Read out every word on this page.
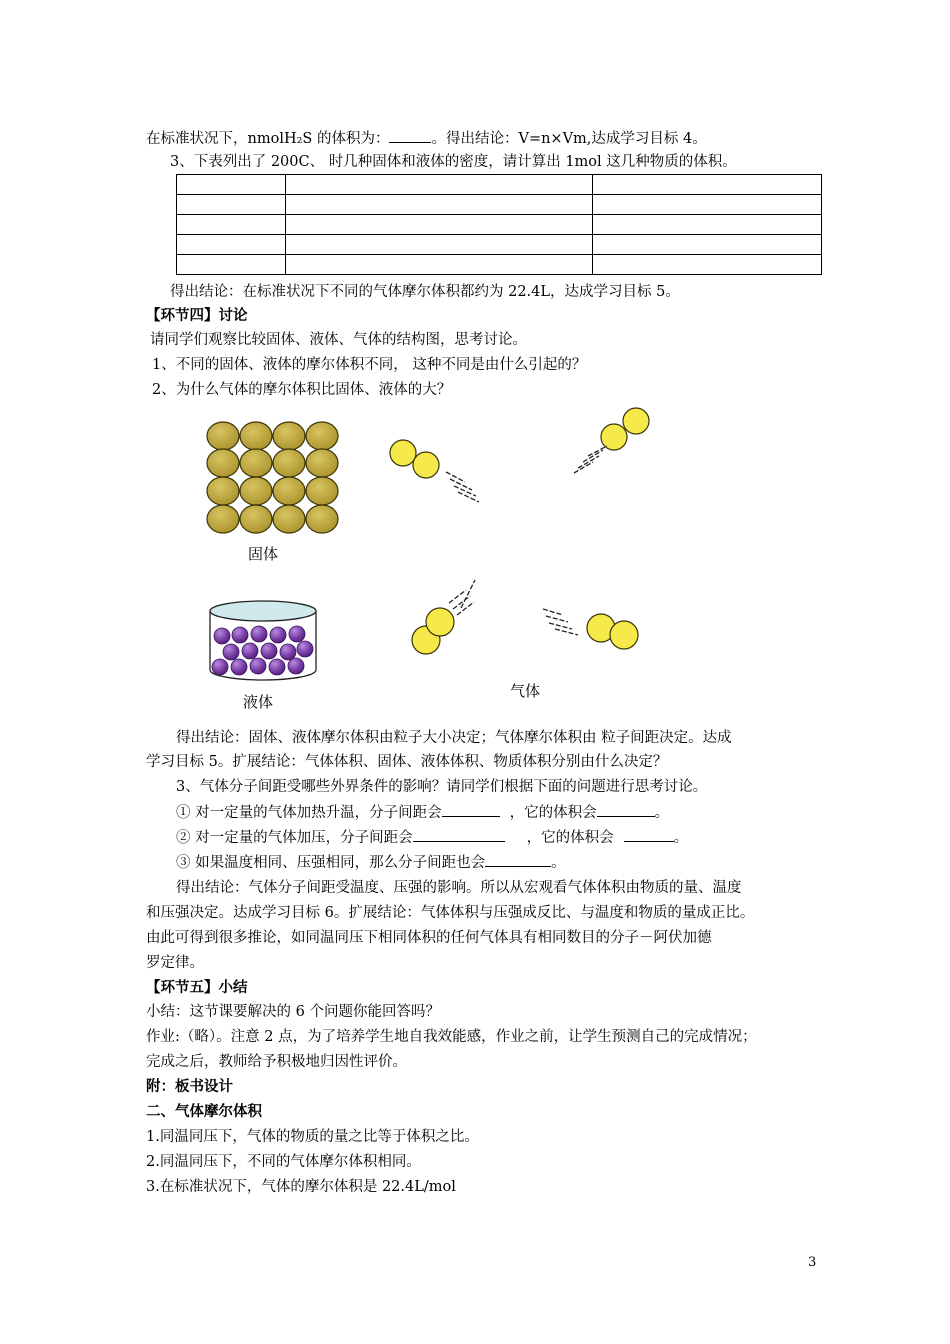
在标准状况下，nmolH₂S 的体积为：	。得出结论：V=n×Vm,达成学习目标 4。
3、下表列出了 200C、 时几种固体和液体的密度，请计算出 1mol 这几种物质的体积。

得出结论：在标准状况下不同的气体摩尔体积都约为 22.4L，达成学习目标 5。
【环节四】讨论
请同学们观察比较固体、液体、气体的结构图，思考讨论。
1、不同的固体、液体的摩尔体积不同， 这种不同是由什么引起的？
2、为什么气体的摩尔体积比固体、液体的大？
固体
液体
气体
得出结论：固体、液体摩尔体积由粒子大小决定；气体摩尔体积由 粒子间距决定。达成
学习目标 5。扩展结论：气体体积、固体、液体体积、物质体积分别由什么决定？
3、气体分子间距受哪些外界条件的影响？请同学们根据下面的问题进行思考讨论。
① 对一定量的气体加热升温，分子间距会	，它的体积会	。
② 对一定量的气体加压，分子间距会	，它的体积会	。
③ 如果温度相同、压强相同，那么分子间距也会	。
得出结论：气体分子间距受温度、压强的影响。所以从宏观看气体体积由物质的量、温度
和压强决定。达成学习目标 6。扩展结论：气体体积与压强成反比、与温度和物质的量成正比。
由此可得到很多推论，如同温同压下相同体积的任何气体具有相同数目的分子－阿伏加德
罗定律。
【环节五】小结
小结：这节课要解决的 6 个问题你能回答吗？
作业:（略）。注意 2 点，为了培养学生地自我效能感，作业之前，让学生预测自己的完成情况；
完成之后，教师给予积极地归因性评价。
附：板书设计
二、气体摩尔体积
1.同温同压下，气体的物质的量之比等于体积之比。
2.同温同压下，不同的气体摩尔体积相同。
3.在标准状况下，气体的摩尔体积是 22.4L/mol
3
